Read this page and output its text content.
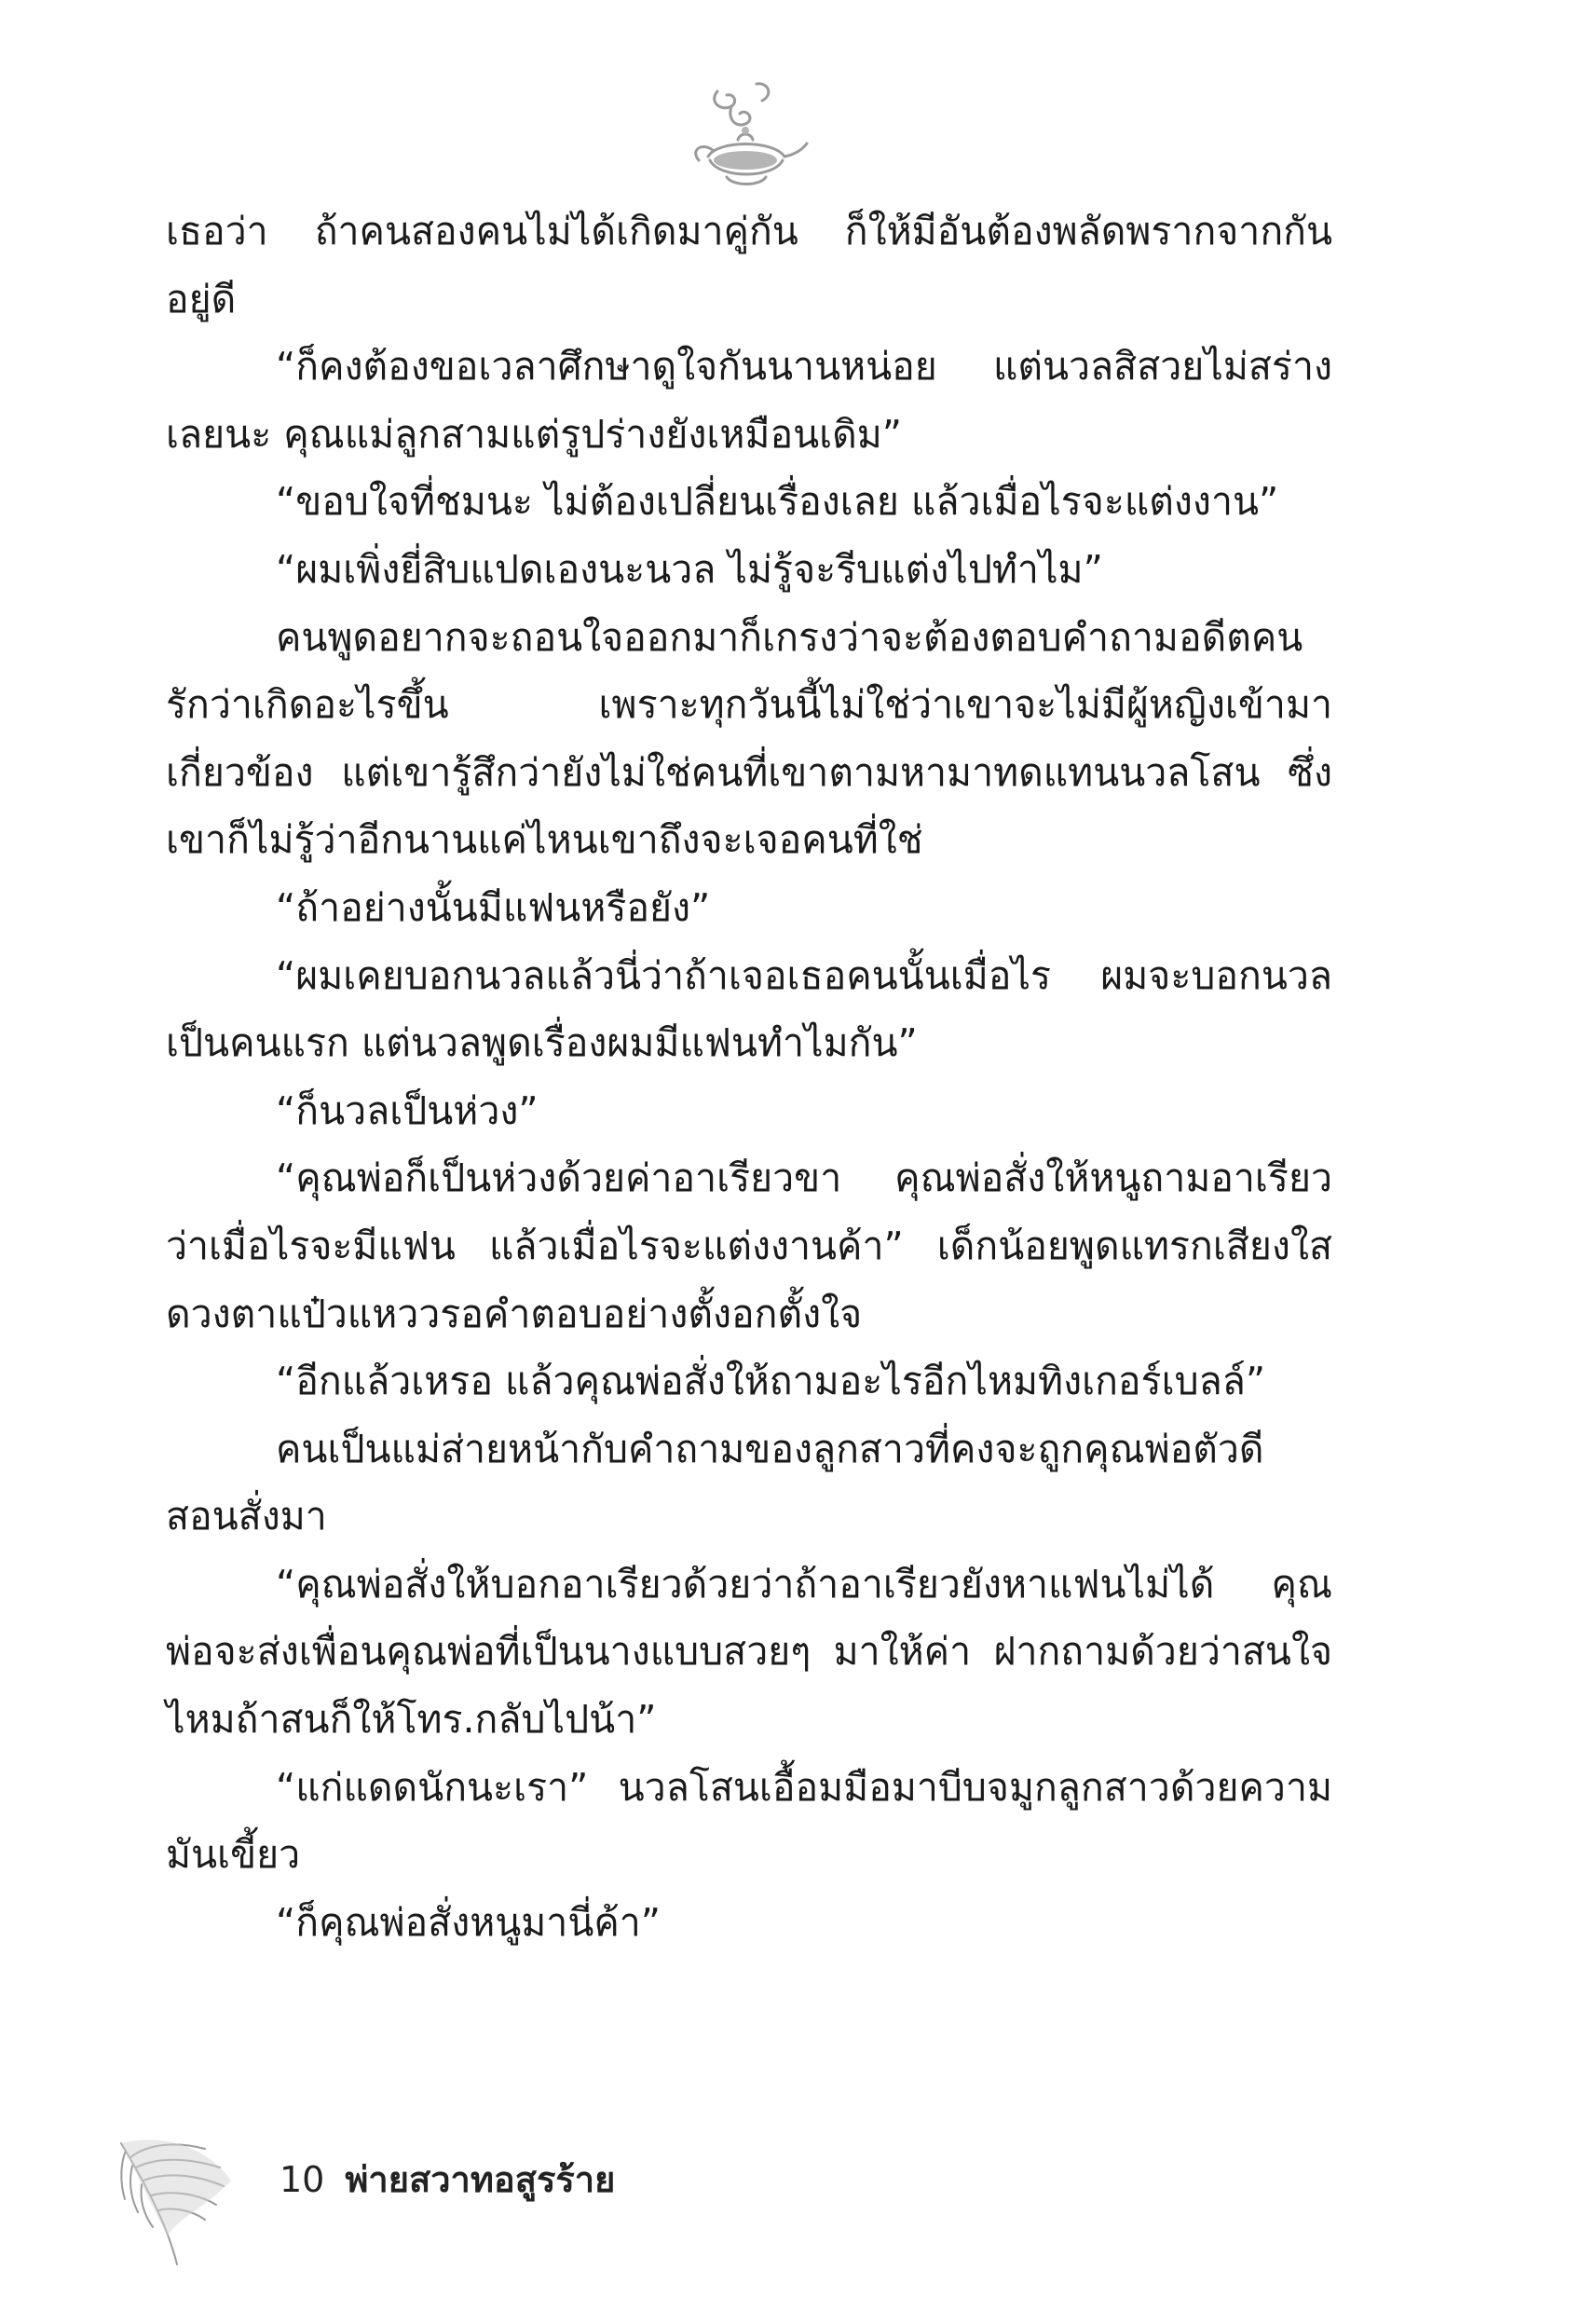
เธอว่า ถ้าคนสองคนไม่ได้เกิดมาคู่กัน ก็ให้มีอันต้องพลัดพรากจากกันอยู่ดี

“ก็คงต้องขอเวลาศึกษาดูใจกันนานหน่อย แต่นวลสิสวยไม่สร่างเลยนะ คุณแม่ลูกสามแต่รูปร่างยังเหมือนเดิม”

“ขอบใจที่ชมนะ ไม่ต้องเปลี่ยนเรื่องเลย แล้วเมื่อไรจะแต่งงาน”

“ผมเพิ่งยี่สิบแปดเองนะนวล ไม่รู้จะรีบแต่งไปทำไม”

คนพูดอยากจะถอนใจออกมาก็เกรงว่าจะต้องตอบคำถามอดีตคนรักว่าเกิดอะไรขึ้น เพราะทุกวันนี้ไม่ใช่ว่าเขาจะไม่มีผู้หญิงเข้ามาเกี่ยวข้อง แต่เขารู้สึกว่ายังไม่ใช่คนที่เขาตามหามาทดแทนนวลโสน ซึ่งเขาก็ไม่รู้ว่าอีกนานแค่ไหนเขาถึงจะเจอคนที่ใช่

“ถ้าอย่างนั้นมีแฟนหรือยัง”

“ผมเคยบอกนวลแล้วนี่ว่าถ้าเจอเธอคนนั้นเมื่อไร ผมจะบอกนวลเป็นคนแรก แต่นวลพูดเรื่องผมมีแฟนทำไมกัน”

“ก็นวลเป็นห่วง”

“คุณพ่อก็เป็นห่วงด้วยค่าอาเรียวขา คุณพ่อสั่งให้หนูถามอาเรียวว่าเมื่อไรจะมีแฟน แล้วเมื่อไรจะแต่งงานค้า” เด็กน้อยพูดแทรกเสียงใสดวงตาแป๋วแหววรอคำตอบอย่างตั้งอกตั้งใจ

“อีกแล้วเหรอ แล้วคุณพ่อสั่งให้ถามอะไรอีกไหมทิงเกอร์เบลล์”

คนเป็นแม่ส่ายหน้ากับคำถามของลูกสาวที่คงจะถูกคุณพ่อตัวดีสอนสั่งมา

“คุณพ่อสั่งให้บอกอาเรียวด้วยว่าถ้าอาเรียวยังหาแฟนไม่ได้ คุณพ่อจะส่งเพื่อนคุณพ่อที่เป็นนางแบบสวยๆ มาให้ค่า ฝากถามด้วยว่าสนใจไหมถ้าสนก็ให้โทร.กลับไปน้า”

“แก่แดดนักนะเรา” นวลโสนเอื้อมมือมาบีบจมูกลูกสาวด้วยความมันเขี้ยว

“ก็คุณพ่อสั่งหนูมานี่ค้า”

10 พ่ายสวาทอสูรร้าย
